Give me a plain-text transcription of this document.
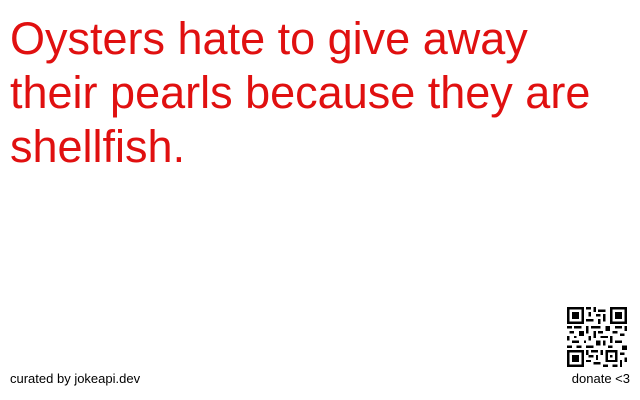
Oysters hate to give away their pearls because they are shellfish.

curated by jokeapi.dev	donate <3
